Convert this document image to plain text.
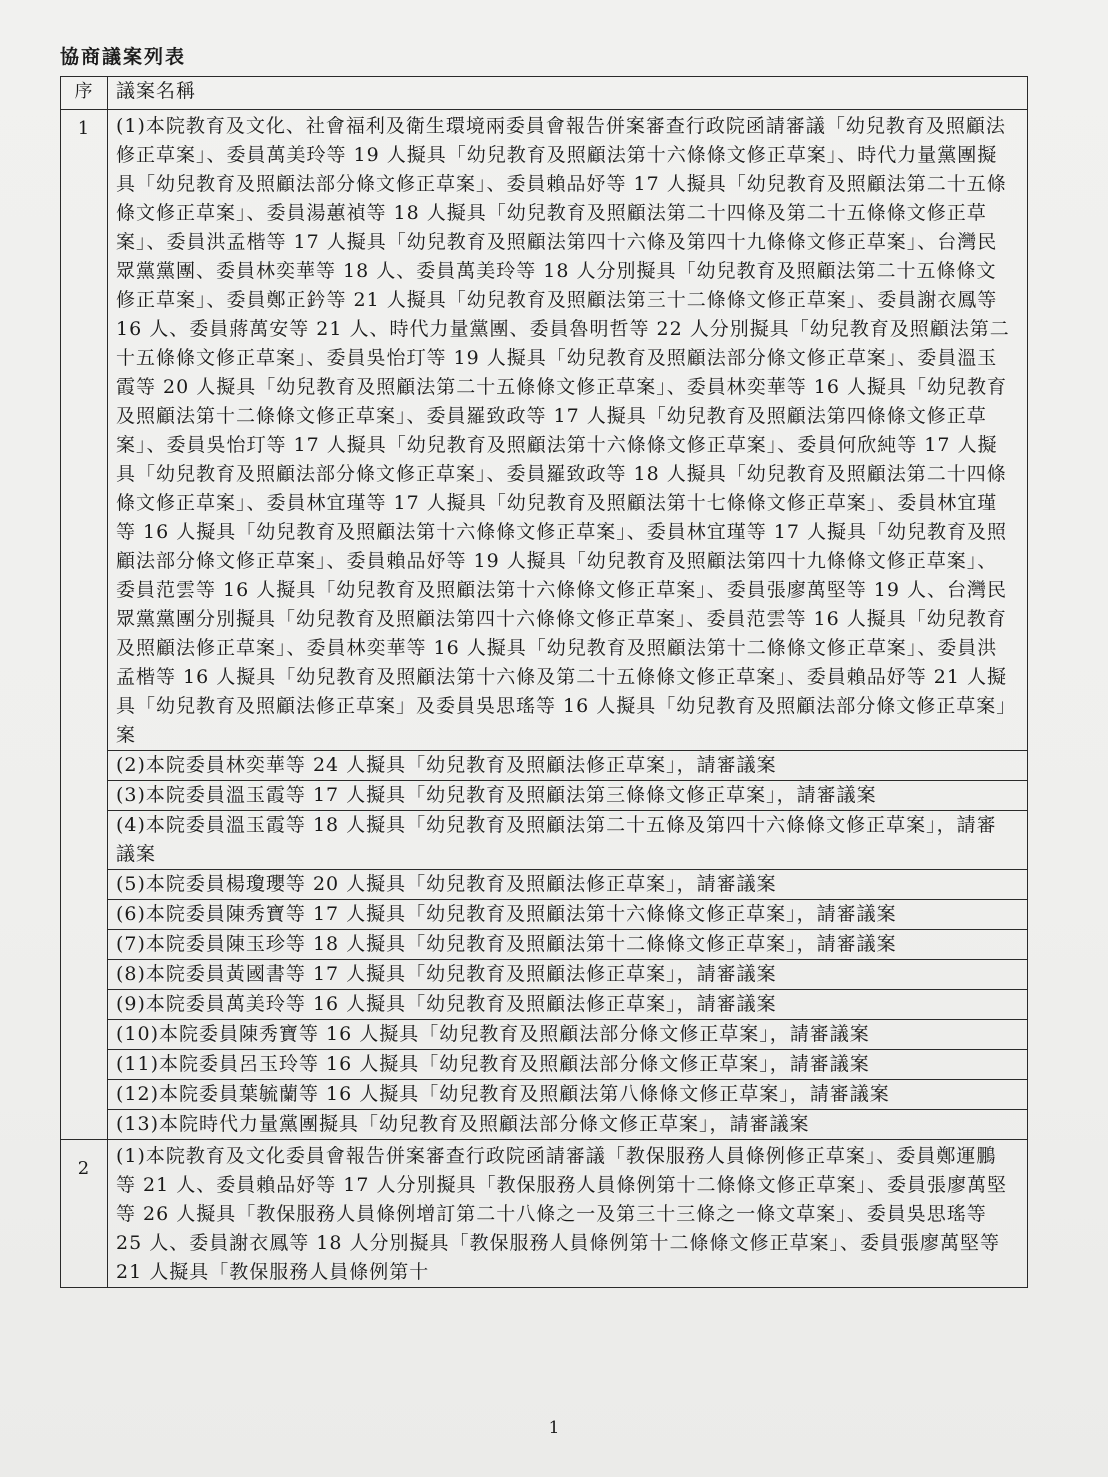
協商議案列表
序	議案名稱
1	(1)本院教育及文化、社會福利及衛生環境兩委員會報告併案審查行政院函請審議「幼兒教育及照顧法修正草案」、委員萬美玲等 19 人擬具「幼兒教育及照顧法第十六條條文修正草案」、時代力量黨團擬具「幼兒教育及照顧法部分條文修正草案」、委員賴品妤等 17 人擬具「幼兒教育及照顧法第二十五條條文修正草案」、委員湯蕙禎等 18 人擬具「幼兒教育及照顧法第二十四條及第二十五條條文修正草案」、委員洪孟楷等 17 人擬具「幼兒教育及照顧法第四十六條及第四十九條條文修正草案」、台灣民眾黨黨團、委員林奕華等 18 人、委員萬美玲等 18 人分別擬具「幼兒教育及照顧法第二十五條條文修正草案」、委員鄭正鈐等 21 人擬具「幼兒教育及照顧法第三十二條條文修正草案」、委員謝衣鳳等 16 人、委員蔣萬安等 21 人、時代力量黨團、委員魯明哲等 22 人分別擬具「幼兒教育及照顧法第二十五條條文修正草案」、委員吳怡玎等 19 人擬具「幼兒教育及照顧法部分條文修正草案」、委員溫玉霞等 20 人擬具「幼兒教育及照顧法第二十五條條文修正草案」、委員林奕華等 16 人擬具「幼兒教育及照顧法第十二條條文修正草案」、委員羅致政等 17 人擬具「幼兒教育及照顧法第四條條文修正草案」、委員吳怡玎等 17 人擬具「幼兒教育及照顧法第十六條條文修正草案」、委員何欣純等 17 人擬具「幼兒教育及照顧法部分條文修正草案」、委員羅致政等 18 人擬具「幼兒教育及照顧法第二十四條條文修正草案」、委員林宜瑾等 17 人擬具「幼兒教育及照顧法第十七條條文修正草案」、委員林宜瑾等 16 人擬具「幼兒教育及照顧法第十六條條文修正草案」、委員林宜瑾等 17 人擬具「幼兒教育及照顧法部分條文修正草案」、委員賴品妤等 19 人擬具「幼兒教育及照顧法第四十九條條文修正草案」、委員范雲等 16 人擬具「幼兒教育及照顧法第十六條條文修正草案」、委員張廖萬堅等 19 人、台灣民眾黨黨團分別擬具「幼兒教育及照顧法第四十六條條文修正草案」、委員范雲等 16 人擬具「幼兒教育及照顧法修正草案」、委員林奕華等 16 人擬具「幼兒教育及照顧法第十二條條文修正草案」、委員洪孟楷等 16 人擬具「幼兒教育及照顧法第十六條及第二十五條條文修正草案」、委員賴品妤等 21 人擬具「幼兒教育及照顧法修正草案」及委員吳思瑤等 16 人擬具「幼兒教育及照顧法部分條文修正草案」案
	(2)本院委員林奕華等 24 人擬具「幼兒教育及照顧法修正草案」，請審議案
	(3)本院委員溫玉霞等 17 人擬具「幼兒教育及照顧法第三條條文修正草案」，請審議案
	(4)本院委員溫玉霞等 18 人擬具「幼兒教育及照顧法第二十五條及第四十六條條文修正草案」，請審議案
	(5)本院委員楊瓊瓔等 20 人擬具「幼兒教育及照顧法修正草案」，請審議案
	(6)本院委員陳秀寶等 17 人擬具「幼兒教育及照顧法第十六條條文修正草案」，請審議案
	(7)本院委員陳玉珍等 18 人擬具「幼兒教育及照顧法第十二條條文修正草案」，請審議案
	(8)本院委員黃國書等 17 人擬具「幼兒教育及照顧法修正草案」，請審議案
	(9)本院委員萬美玲等 16 人擬具「幼兒教育及照顧法修正草案」，請審議案
	(10)本院委員陳秀寶等 16 人擬具「幼兒教育及照顧法部分條文修正草案」，請審議案
	(11)本院委員呂玉玲等 16 人擬具「幼兒教育及照顧法部分條文修正草案」，請審議案
	(12)本院委員葉毓蘭等 16 人擬具「幼兒教育及照顧法第八條條文修正草案」，請審議案
	(13)本院時代力量黨團擬具「幼兒教育及照顧法部分條文修正草案」，請審議案
2	(1)本院教育及文化委員會報告併案審查行政院函請審議「教保服務人員條例修正草案」、委員鄭運鵬等 21 人、委員賴品妤等 17 人分別擬具「教保服務人員條例第十二條條文修正草案」、委員張廖萬堅等 26 人擬具「教保服務人員條例增訂第二十八條之一及第三十三條之一條文草案」、委員吳思瑤等 25 人、委員謝衣鳳等 18 人分別擬具「教保服務人員條例第十二條條文修正草案」、委員張廖萬堅等 21 人擬具「教保服務人員條例第十
1
